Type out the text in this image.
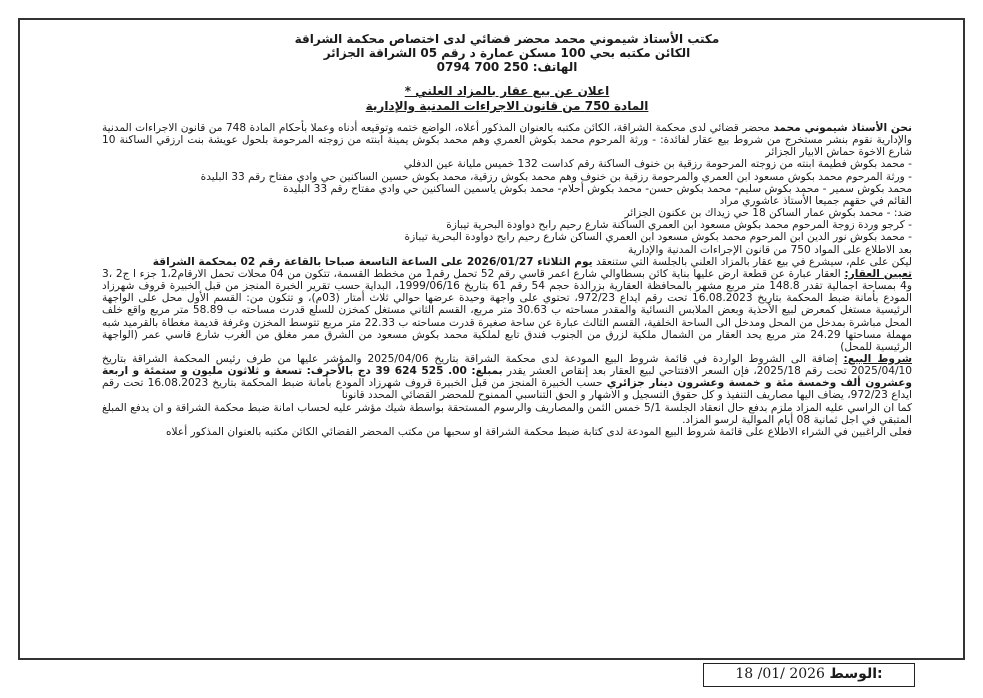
مكتب الأستاذ شيموني محمد محضر قضائي لدى اختصاص محكمة الشراقة

الكائن مكتبه بحي 100 مسكن عمارة د رقم 05 الشراقة الجزائر

الهاتف: 250 700 0794

اعلان عن بيع عقار بالمزاد العلني *

المادة 750 من قانون الاجراءات المدنية والإدارية

نحن الأستاذ شيموني محمد محضر قضائي لدى محكمة الشراقة، الكائن مكتبه بالعنوان المذكور أعلاه، الواضع ختمه وتوقيعه أدناه وعملا بأحكام المادة 748 من قانون الاجراءات المدنية والإدارية نقوم بنشر مستخرج من شروط بيع عقار لفائدة: - ورثة المرحوم محمد بكوش العمري وهم محمد بكوش يمينة ابنته من زوجته المرحومة بلحول عويشة بنت ارزقي الساكنة 10 شارع الاخوة حماش الابيار الجزائر

- محمد بكوش فطيمة ابنته من زوجته المرحومة رزقية بن خنوف الساكنة رقم كداست 132 خميس مليانة عين الدفلي

- ورثة المرحوم محمد بكوش مسعود ابن العمري والمرحومة رزقية بن خنوف وهم محمد بكوش رزقية، محمد بكوش حسين الساكنين حي وادي مفتاح رقم 33 البليدة

محمد بكوش سمير - محمد بكوش سليم- محمد بكوش حسن- محمد بكوش أحلام- محمد بكوش ياسمين الساكنين حي وادي مفتاح رقم 33 البليدة

القائم في حقهم جميعا الأستاذ عاشوري مراد

ضد: - محمد بكوش عمار الساكن 18 حي زيداك بن عكنون الجزائر

- كرجو وردة زوجة المرحوم محمد بكوش مسعود ابن العمري الساكنة شارع رحيم رابح دواودة البحرية تيبازة

- محمد بكوش نور الدين ابن المرحوم محمد بكوش مسعود ابن العمري الساكن شارع رحيم رابح دواودة البحرية تيبازة

بعد الاطلاع على المواد 750 من قانون الإجراءات المدنية والإدارية

ليكن على علم، سيشرع في بيع عقار بالمزاد العلني بالجلسة التي ستنعقد يوم الثلاثاء 2026/01/27 على الساعة التاسعة صباحا بالقاعة رقم 02 بمحكمة الشراقة

تعيين العقار: العقار عبارة عن قطعة ارض عليها بناية كائن بسطاوالي شارع اعمر قاسي رقم 52 تحمل رقم1 من مخطط القسمة، تتكون من 04 محلات تحمل الارقام1،2 جزء ا ج2 ،3 و4 بمساحة اجمالية تقدر 148.8 متر مربع مشهر بالمحافظة العقارية بزرالدة حجم 54 رقم 61 بتاريخ 1999/06/16، البداية حسب تقرير الخبرة المنجز من قبل الخبيرة قروف شهرزاد المودع بأمانة ضبط المحكمة بتاريخ 16.08.2023 تحت رقم ايداع 972/23، تحتوي على واجهة وحيدة عرضها حوالي ثلاث أمتار (03م)، و تتكون من: القسم الأول محل على الواجهة الرئيسية مستغل كمعرض لبيع الأحذية وبعض الملابس النسائية والمقدر مساحته ب 30.63 متر مربع، القسم الثاني مستغل كمخزن للسلع قدرت مساحته ب 58.89 متر مربع واقع خلف المحل مباشرة بمدخل من المحل ومدخل الى الساحة الخلفية، القسم الثالث عبارة عن ساحة صغيرة قدرت مساحته ب 22.33 متر مربع تتوسط المخزن وغرفة قديمة مغطاة بالقرميد شبه مهملة مساحتها 24.29 متر مربع يحد العقار من الشمال ملكية لزرق من الجنوب فندق تابع لملكية محمد بكوش مسعود من الشرق ممر مغلق من الغرب شارع قاسي عمر (الواجهة الرئيسية للمحل)

شروط البيع: إضافة الى الشروط الواردة في قائمة شروط البيع المودعة لدى محكمة الشراقة بتاريخ 2025/04/06 والمؤشر عليها من طرف رئيس المحكمة الشراقة بتاريخ 2025/04/10 تحت رقم 2025/18، فإن السعر الافتتاحي لبيع العقار بعد إنقاص العشر يقدر بمبلغ: 00. 525 624 39 دج بالأحرف: تسعة و ثلاثون مليون و ستمئة و اربعة وعشرون ألف وخمسة مئة و خمسة وعشرون دينار جزائري حسب الخبيرة المنجز من قبل الخبيرة قروف شهرزاد المودع بأمانة ضبط المحكمة بتاريخ 16.08.2023 تحت رقم ايداع 972/23، يضاف اليها مصاريف التنفيذ و كل حقوق التسجيل و الاشهار و الحق التناسبي الممنوح للمحضر القضائي المحدد قانونا

كما ان الراسي عليه المزاد ملزم بدفع حال انعقاد الجلسة 5/1 خمس الثمن والمصاريف والرسوم المستحقة بواسطة شيك مؤشر عليه لحساب امانة ضبط محكمة الشراقة و ان يدفع المبلغ المتبقي في اجل ثمانية 08 أيام الموالية لرسو المزاد.

فعلى الراغبين في الشراء الاطلاع على قائمة شروط البيع المودعة لدى كتابة ضبط محكمة الشراقة او سحبها من مكتب المحضر القضائي الكائن مكتبه بالعنوان المذكور أعلاه

18 /01/ 2026 الوسط:
